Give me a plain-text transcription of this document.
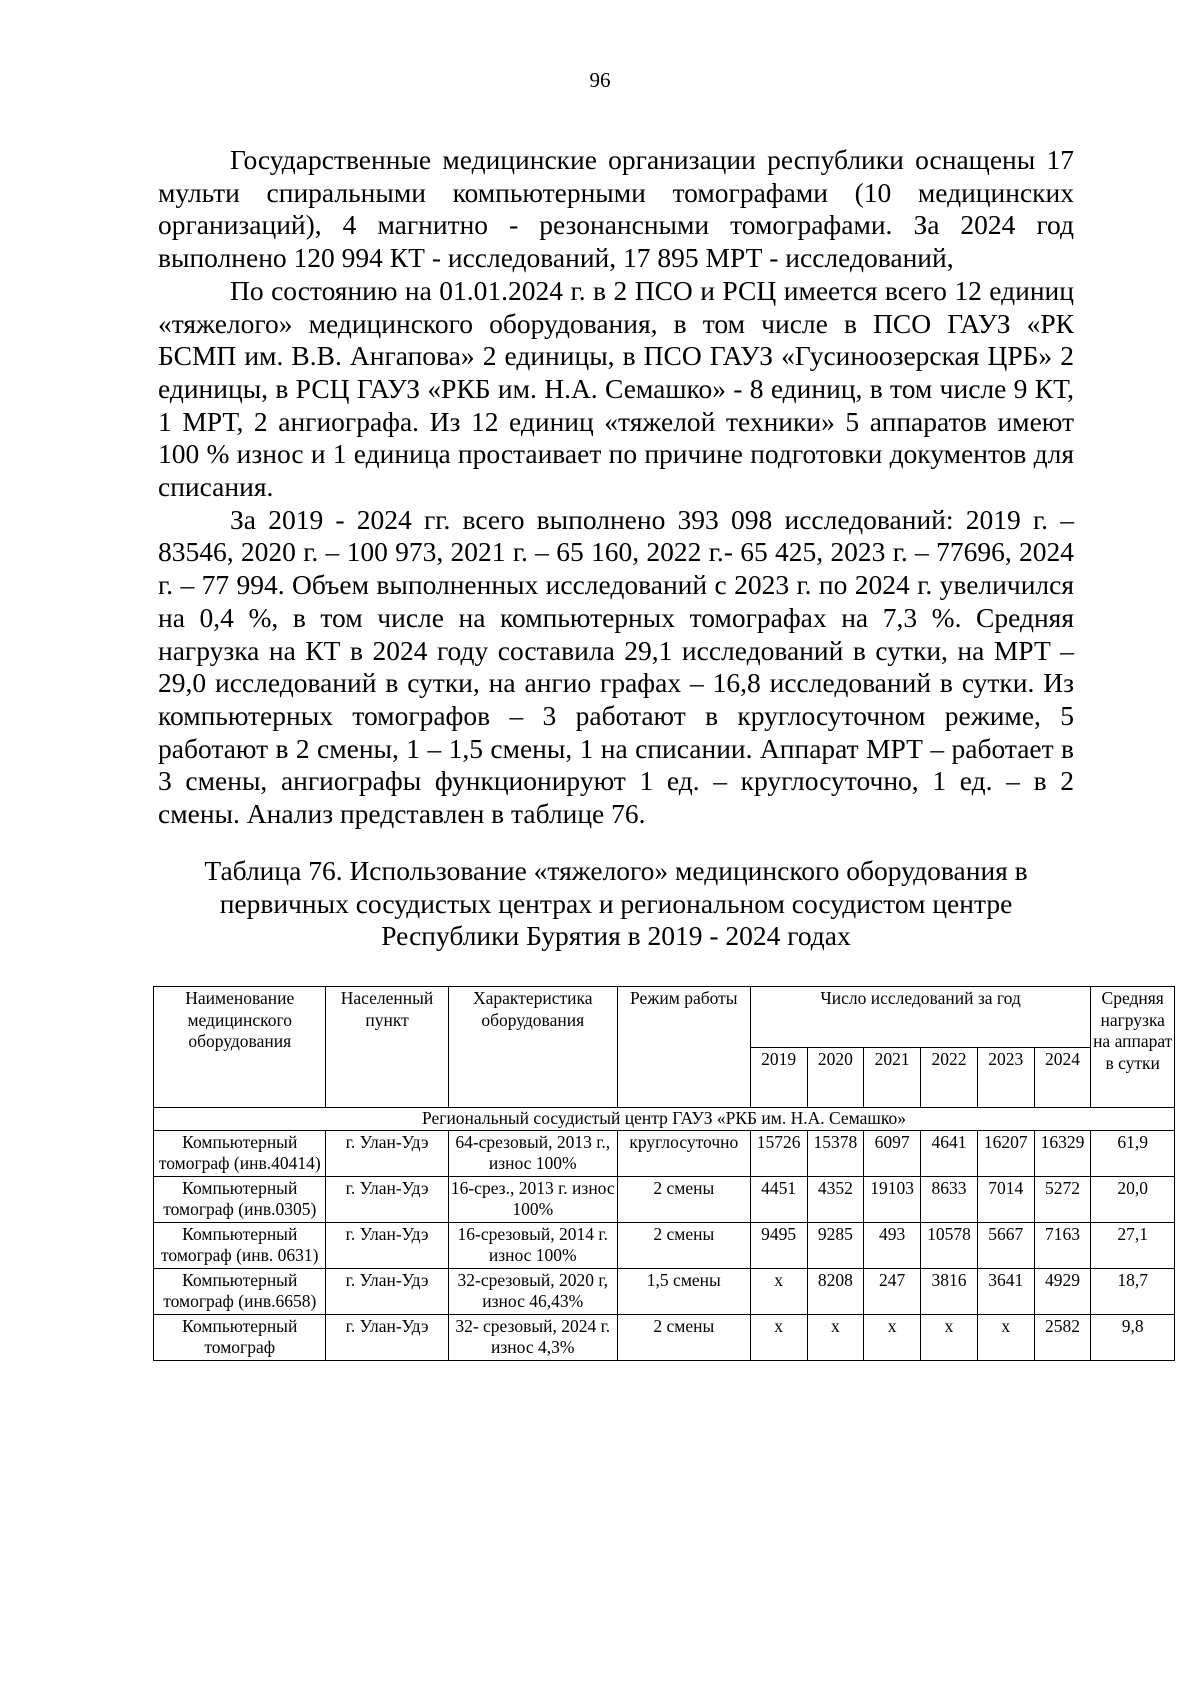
96

Государственные медицинские организации республики оснащены 17 мульти спиральными компьютерными томографами (10 медицинских организаций), 4 магнитно - резонансными томографами. За 2024 год выполнено 120 994 КТ - исследований, 17 895 МРТ - исследований,

По состоянию на 01.01.2024 г. в 2 ПСО и РСЦ имеется всего 12 единиц «тяжелого» медицинского оборудования, в том числе в ПСО ГАУЗ «РК БСМП им. В.В. Ангапова» 2 единицы, в ПСО ГАУЗ «Гусиноозерская ЦРБ» 2 единицы, в РСЦ ГАУЗ «РКБ им. Н.А. Семашко» - 8 единиц, в том числе 9 КТ, 1 МРТ, 2 ангиографа. Из 12 единиц «тяжелой техники» 5 аппаратов имеют 100 % износ и 1 единица простаивает по причине подготовки документов для списания.

За 2019 - 2024 гг. всего выполнено 393 098 исследований: 2019 г. – 83546, 2020 г. – 100 973, 2021 г. – 65 160, 2022 г.- 65 425, 2023 г. – 77696, 2024 г. – 77 994. Объем выполненных исследований с 2023 г. по 2024 г. увеличился на 0,4 %, в том числе на компьютерных томографах на 7,3 %. Средняя нагрузка на КТ в 2024 году составила 29,1 исследований в сутки, на МРТ – 29,0 исследований в сутки, на ангио графах – 16,8 исследований в сутки. Из компьютерных томографов – 3 работают в круглосуточном режиме, 5 работают в 2 смены, 1 – 1,5 смены, 1 на списании. Аппарат МРТ – работает в 3 смены, ангиографы функционируют 1 ед. – круглосуточно, 1 ед. – в 2 смены. Анализ представлен в таблице 76.

Таблица 76. Использование «тяжелого» медицинского оборудования в
первичных сосудистых центрах и региональном сосудистом центре
Республики Бурятия в 2019 - 2024 годах
Наименование медицинского оборудования	Населенный пункт	Характеристика оборудования	Режим работы	Число исследований за год						Средняя нагрузка на аппарат в сутки
				2019	2020	2021	2022	2023	2024	
Региональный сосудистый центр ГАУЗ «РКБ им. Н.А. Семашко»										
Компьютерный томограф (инв.40414)	г. Улан-Удэ	64-срезовый, 2013 г., износ 100%	круглосуточно	15726	15378	6097	4641	16207	16329	61,9
Компьютерный томограф (инв.0305)	г. Улан-Удэ	16-срез., 2013 г. износ 100%	2 смены	4451	4352	19103	8633	7014	5272	20,0
Компьютерный томограф (инв. 0631)	г. Улан-Удэ	16-срезовый, 2014 г. износ 100%	2 смены	9495	9285	493	10578	5667	7163	27,1
Компьютерный томограф (инв.6658)	г. Улан-Удэ	32-срезовый, 2020 г, износ 46,43%	1,5 смены	х	8208	247	3816	3641	4929	18,7
Компьютерный томограф	г. Улан-Удэ	32- срезовый, 2024 г. износ 4,3%	2 смены	х	х	х	х	х	2582	9,8
